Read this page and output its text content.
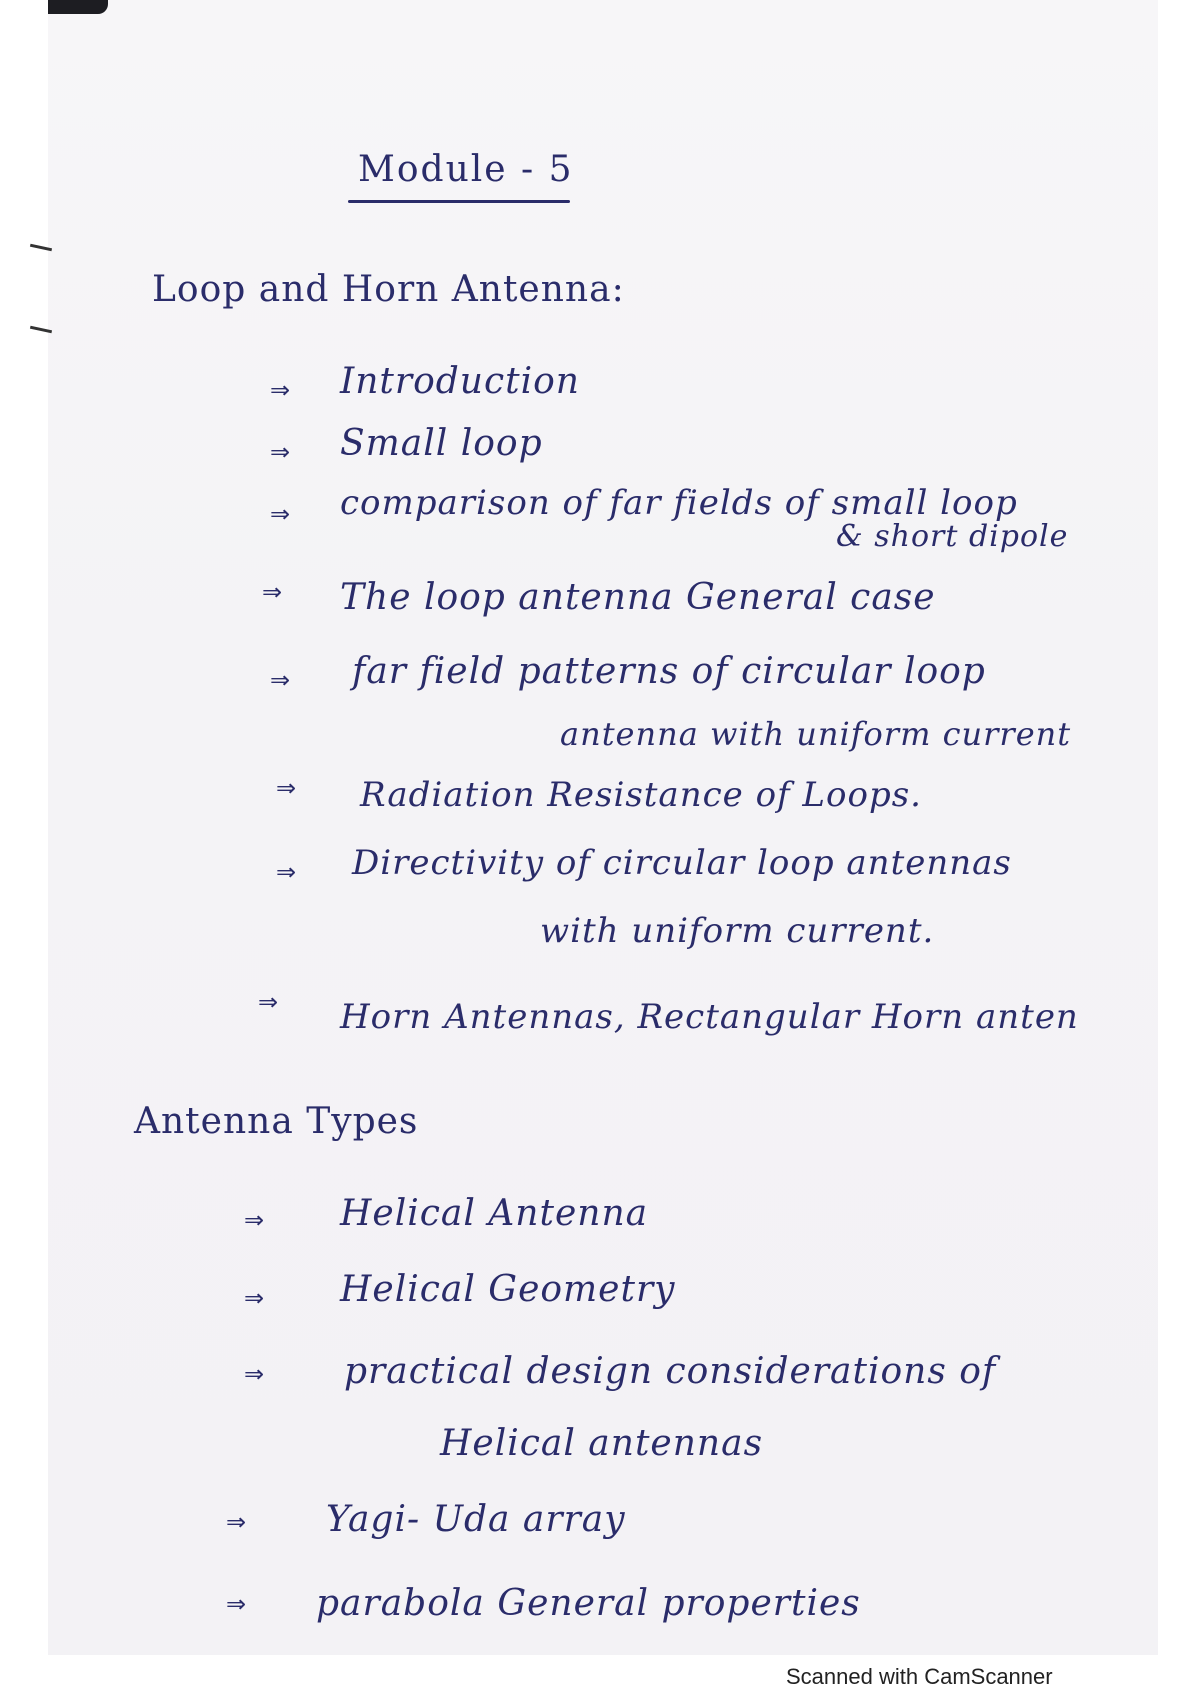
Module - 5
Loop and Horn Antenna:
⇒ Introduction
⇒ Small loop
⇒ comparison of far fields of small loop
& short dipole
⇒ The loop antenna General case
⇒ far field patterns of circular loop
antenna with uniform current
⇒ Radiation Resistance of Loops.
⇒ Directivity of circular loop antennas
with uniform current.
⇒ Horn Antennas, Rectangular Horn anten
Antenna Types
⇒ Helical Antenna
⇒ Helical Geometry
⇒ practical design considerations of
Helical antennas
⇒ Yagi- Uda array
⇒ parabola General properties
Scanned with CamScanner
